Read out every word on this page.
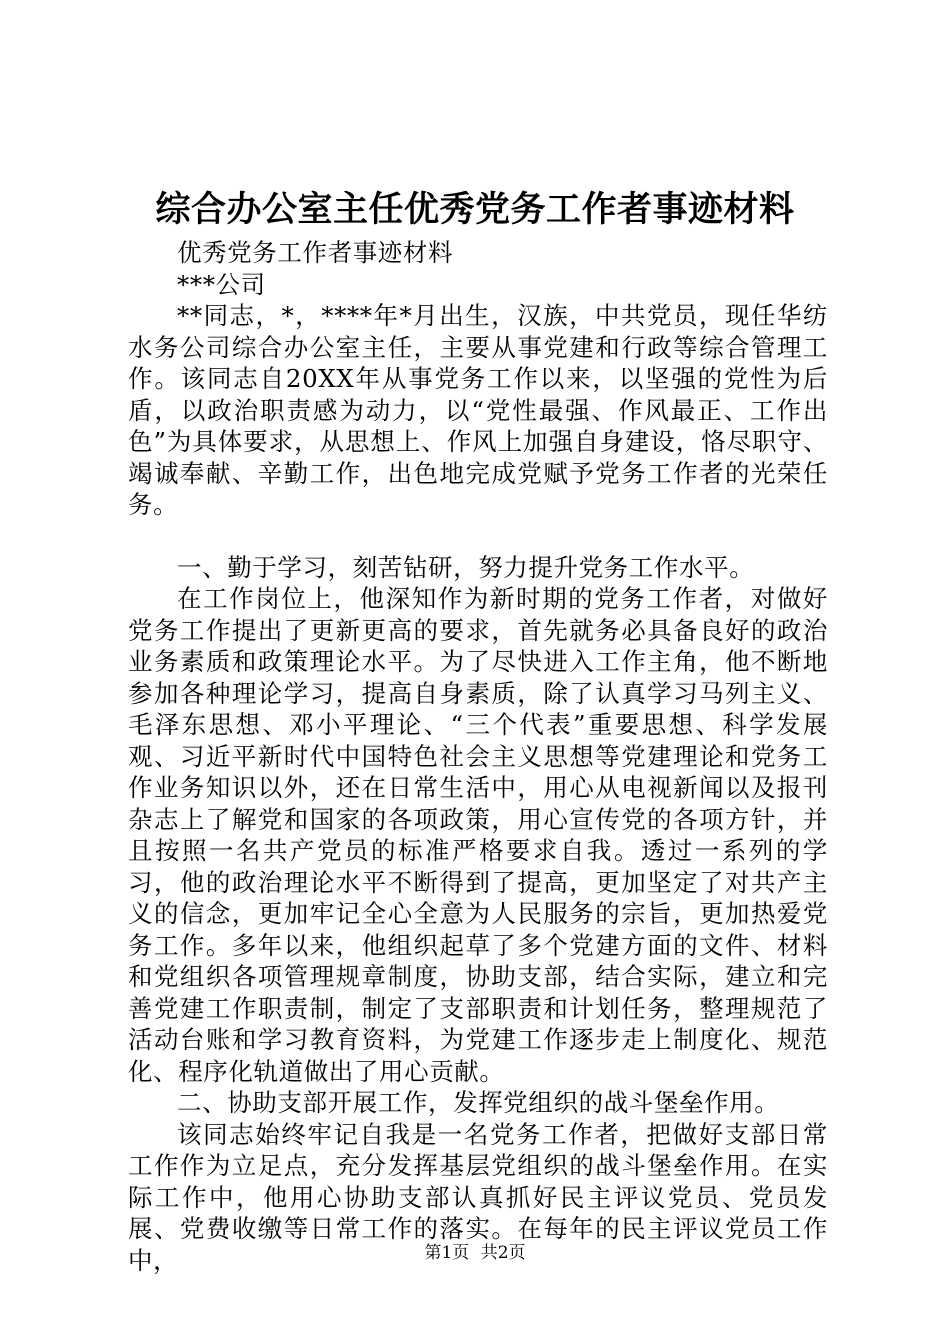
综合办公室主任优秀党务工作者事迹材料

优秀党务工作者事迹材料

***公司

**同志，*，****年*月出生，汉族，中共党员，现任华纺水务公司综合办公室主任，主要从事党建和行政等综合管理工作。该同志自20XX年从事党务工作以来，以坚强的党性为后盾，以政治职责感为动力，以“党性最强、作风最正、工作出色”为具体要求，从思想上、作风上加强自身建设，恪尽职守、竭诚奉献、辛勤工作，出色地完成党赋予党务工作者的光荣任务。

一、勤于学习，刻苦钻研，努力提升党务工作水平。

在工作岗位上，他深知作为新时期的党务工作者，对做好党务工作提出了更新更高的要求，首先就务必具备良好的政治业务素质和政策理论水平。为了尽快进入工作主角，他不断地参加各种理论学习，提高自身素质，除了认真学习马列主义、毛泽东思想、邓小平理论、“三个代表”重要思想、科学发展观、习近平新时代中国特色社会主义思想等党建理论和党务工作业务知识以外，还在日常生活中，用心从电视新闻以及报刊杂志上了解党和国家的各项政策，用心宣传党的各项方针，并且按照一名共产党员的标准严格要求自我。透过一系列的学习，他的政治理论水平不断得到了提高，更加坚定了对共产主义的信念，更加牢记全心全意为人民服务的宗旨，更加热爱党务工作。多年以来，他组织起草了多个党建方面的文件、材料和党组织各项管理规章制度，协助支部，结合实际，建立和完善党建工作职责制，制定了支部职责和计划任务，整理规范了活动台账和学习教育资料，为党建工作逐步走上制度化、规范化、程序化轨道做出了用心贡献。

二、协助支部开展工作，发挥党组织的战斗堡垒作用。

该同志始终牢记自我是一名党务工作者，把做好支部日常工作作为立足点，充分发挥基层党组织的战斗堡垒作用。在实际工作中，他用心协助支部认真抓好民主评议党员、党员发展、党费收缴等日常工作的落实。在每年的民主评议党员工作中，	第1页 共2页
